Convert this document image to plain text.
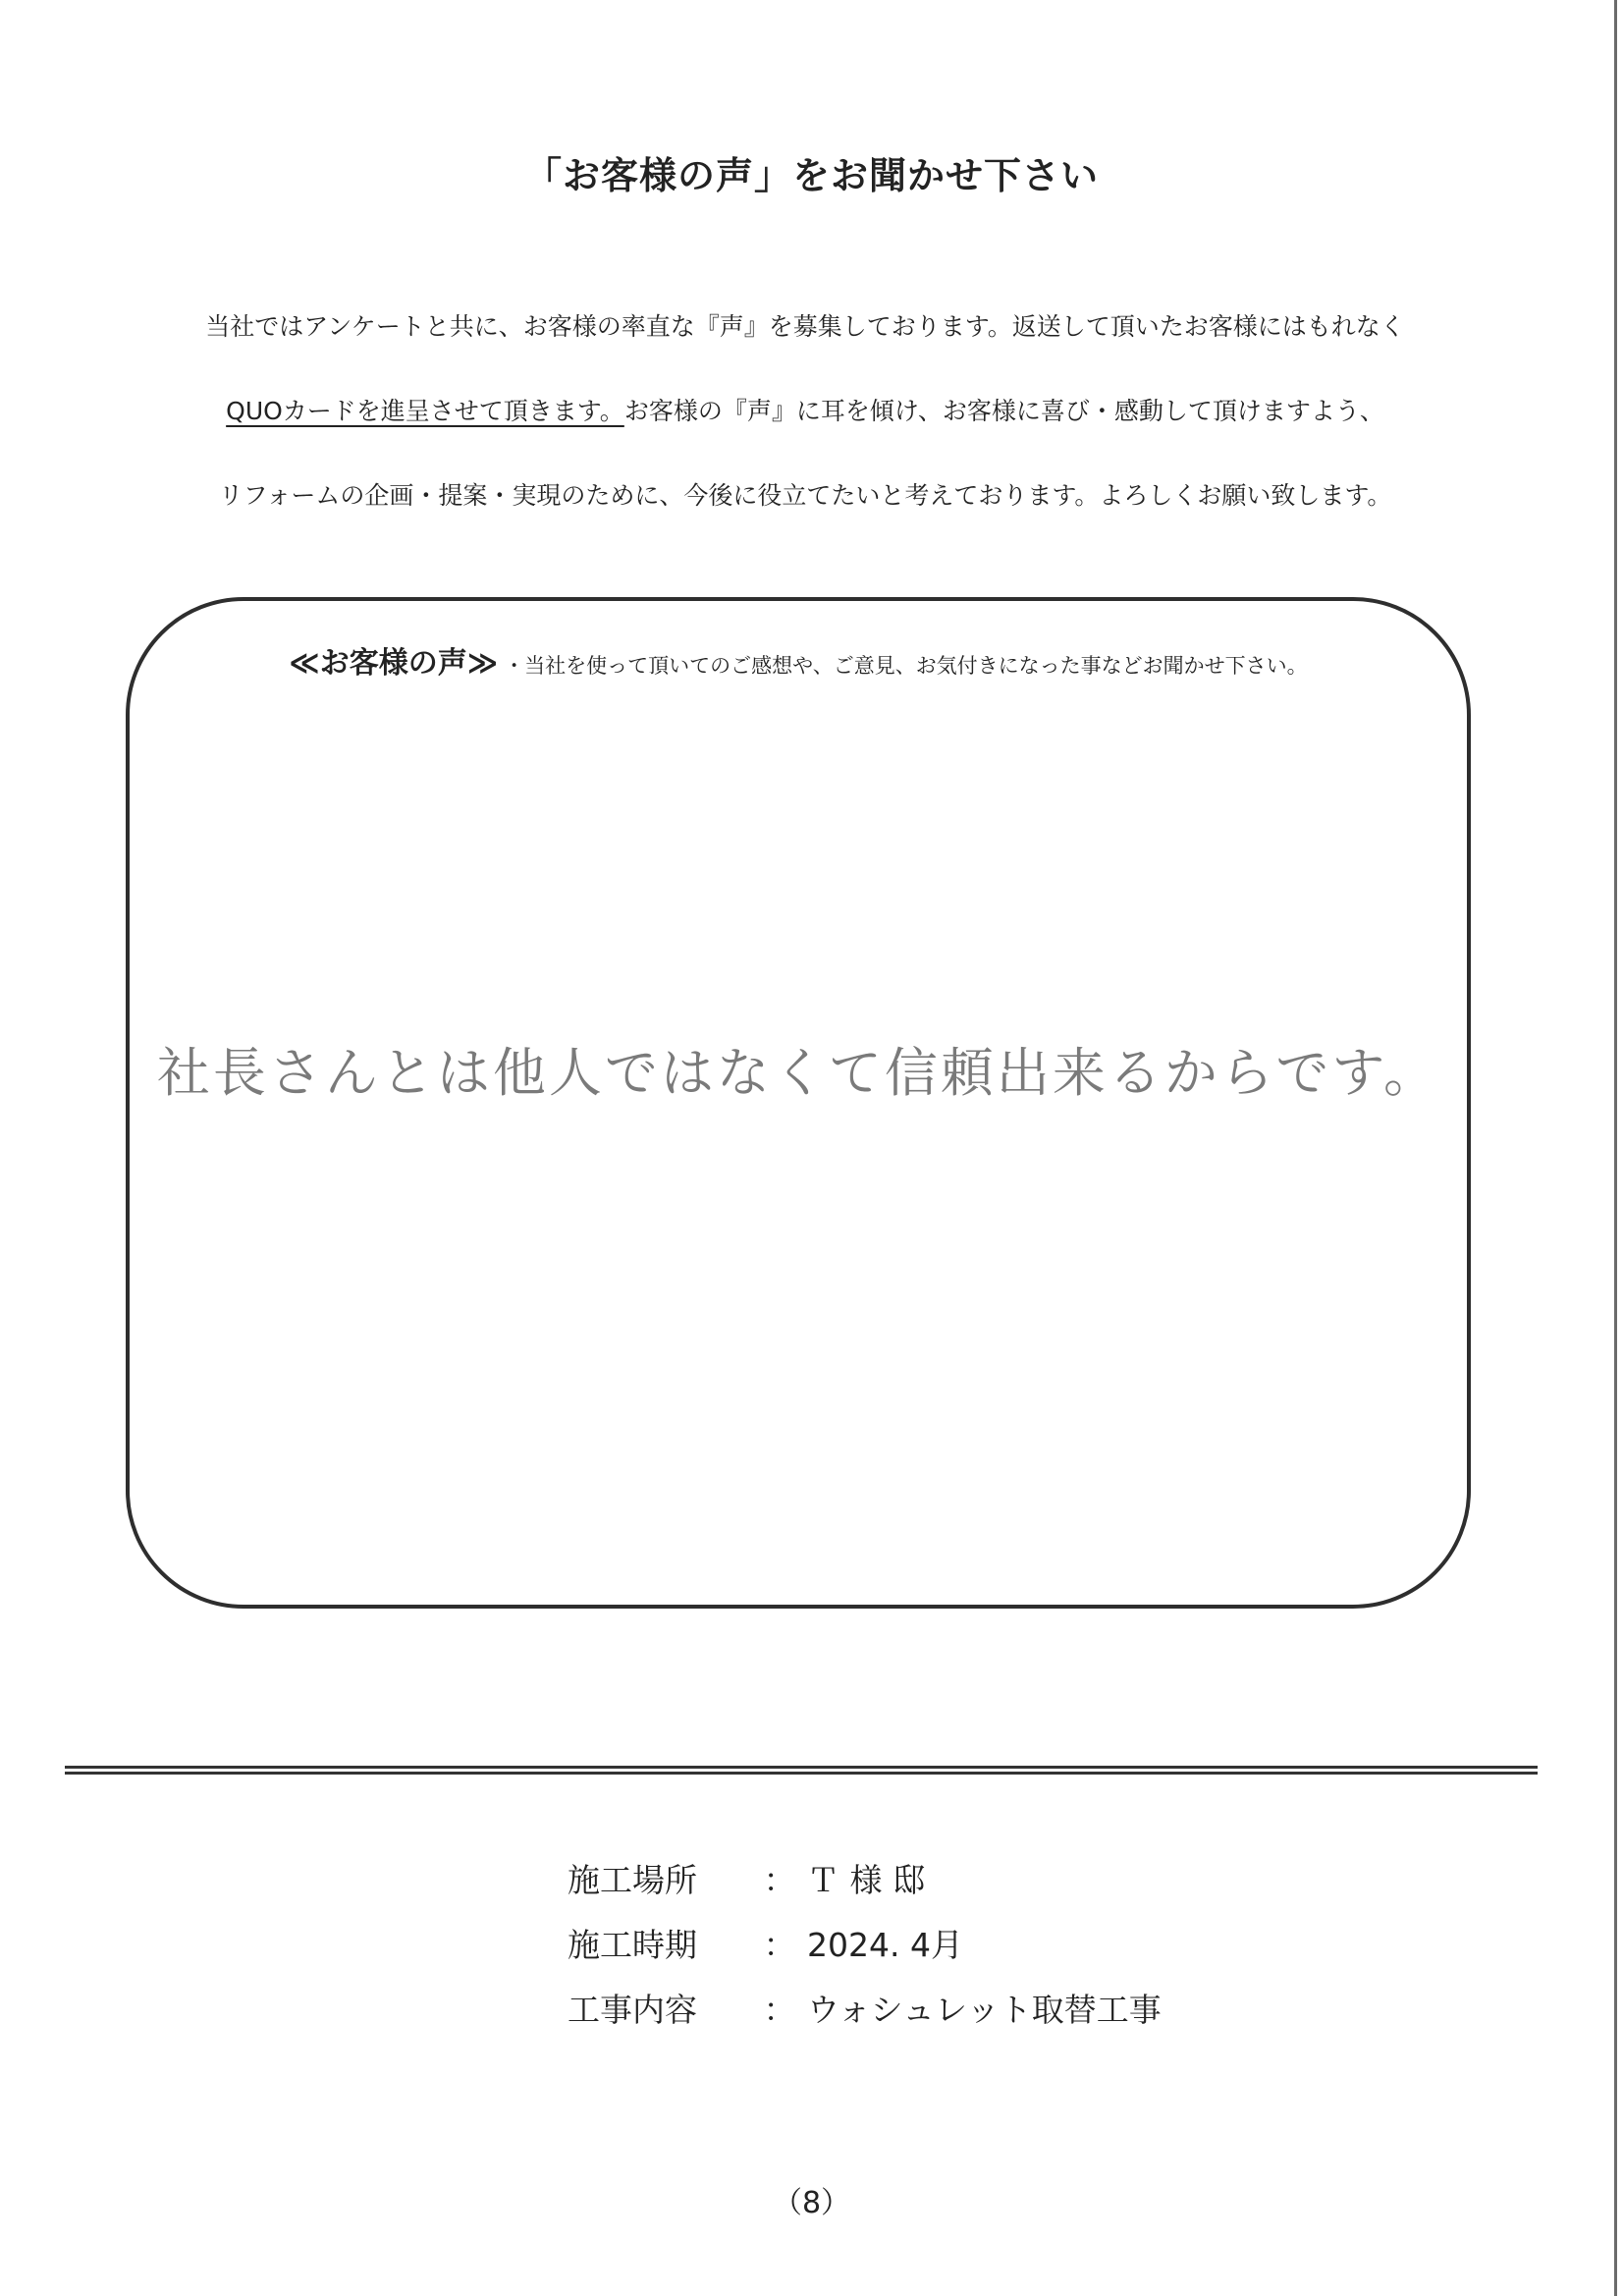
「お客様の声」をお聞かせ下さい

当社ではアンケートと共に、お客様の率直な『声』を募集しております。返送して頂いたお客様にはもれなく

QUOカードを進呈させて頂きます。お客様の『声』に耳を傾け、お客様に喜び・感動して頂けますよう、

リフォームの企画・提案・実現のために、今後に役立てたいと考えております。よろしくお願い致します。

≪お客様の声≫ ・当社を使って頂いてのご感想や、ご意見、お気付きになった事などお聞かせ下さい。
社長さんとは他人ではなくて信頼出来るからです。
施工場所 ： Ｔ 様 邸
施工時期 ： 2024. 4月
工事内容 ： ウォシュレット取替工事
（8）
